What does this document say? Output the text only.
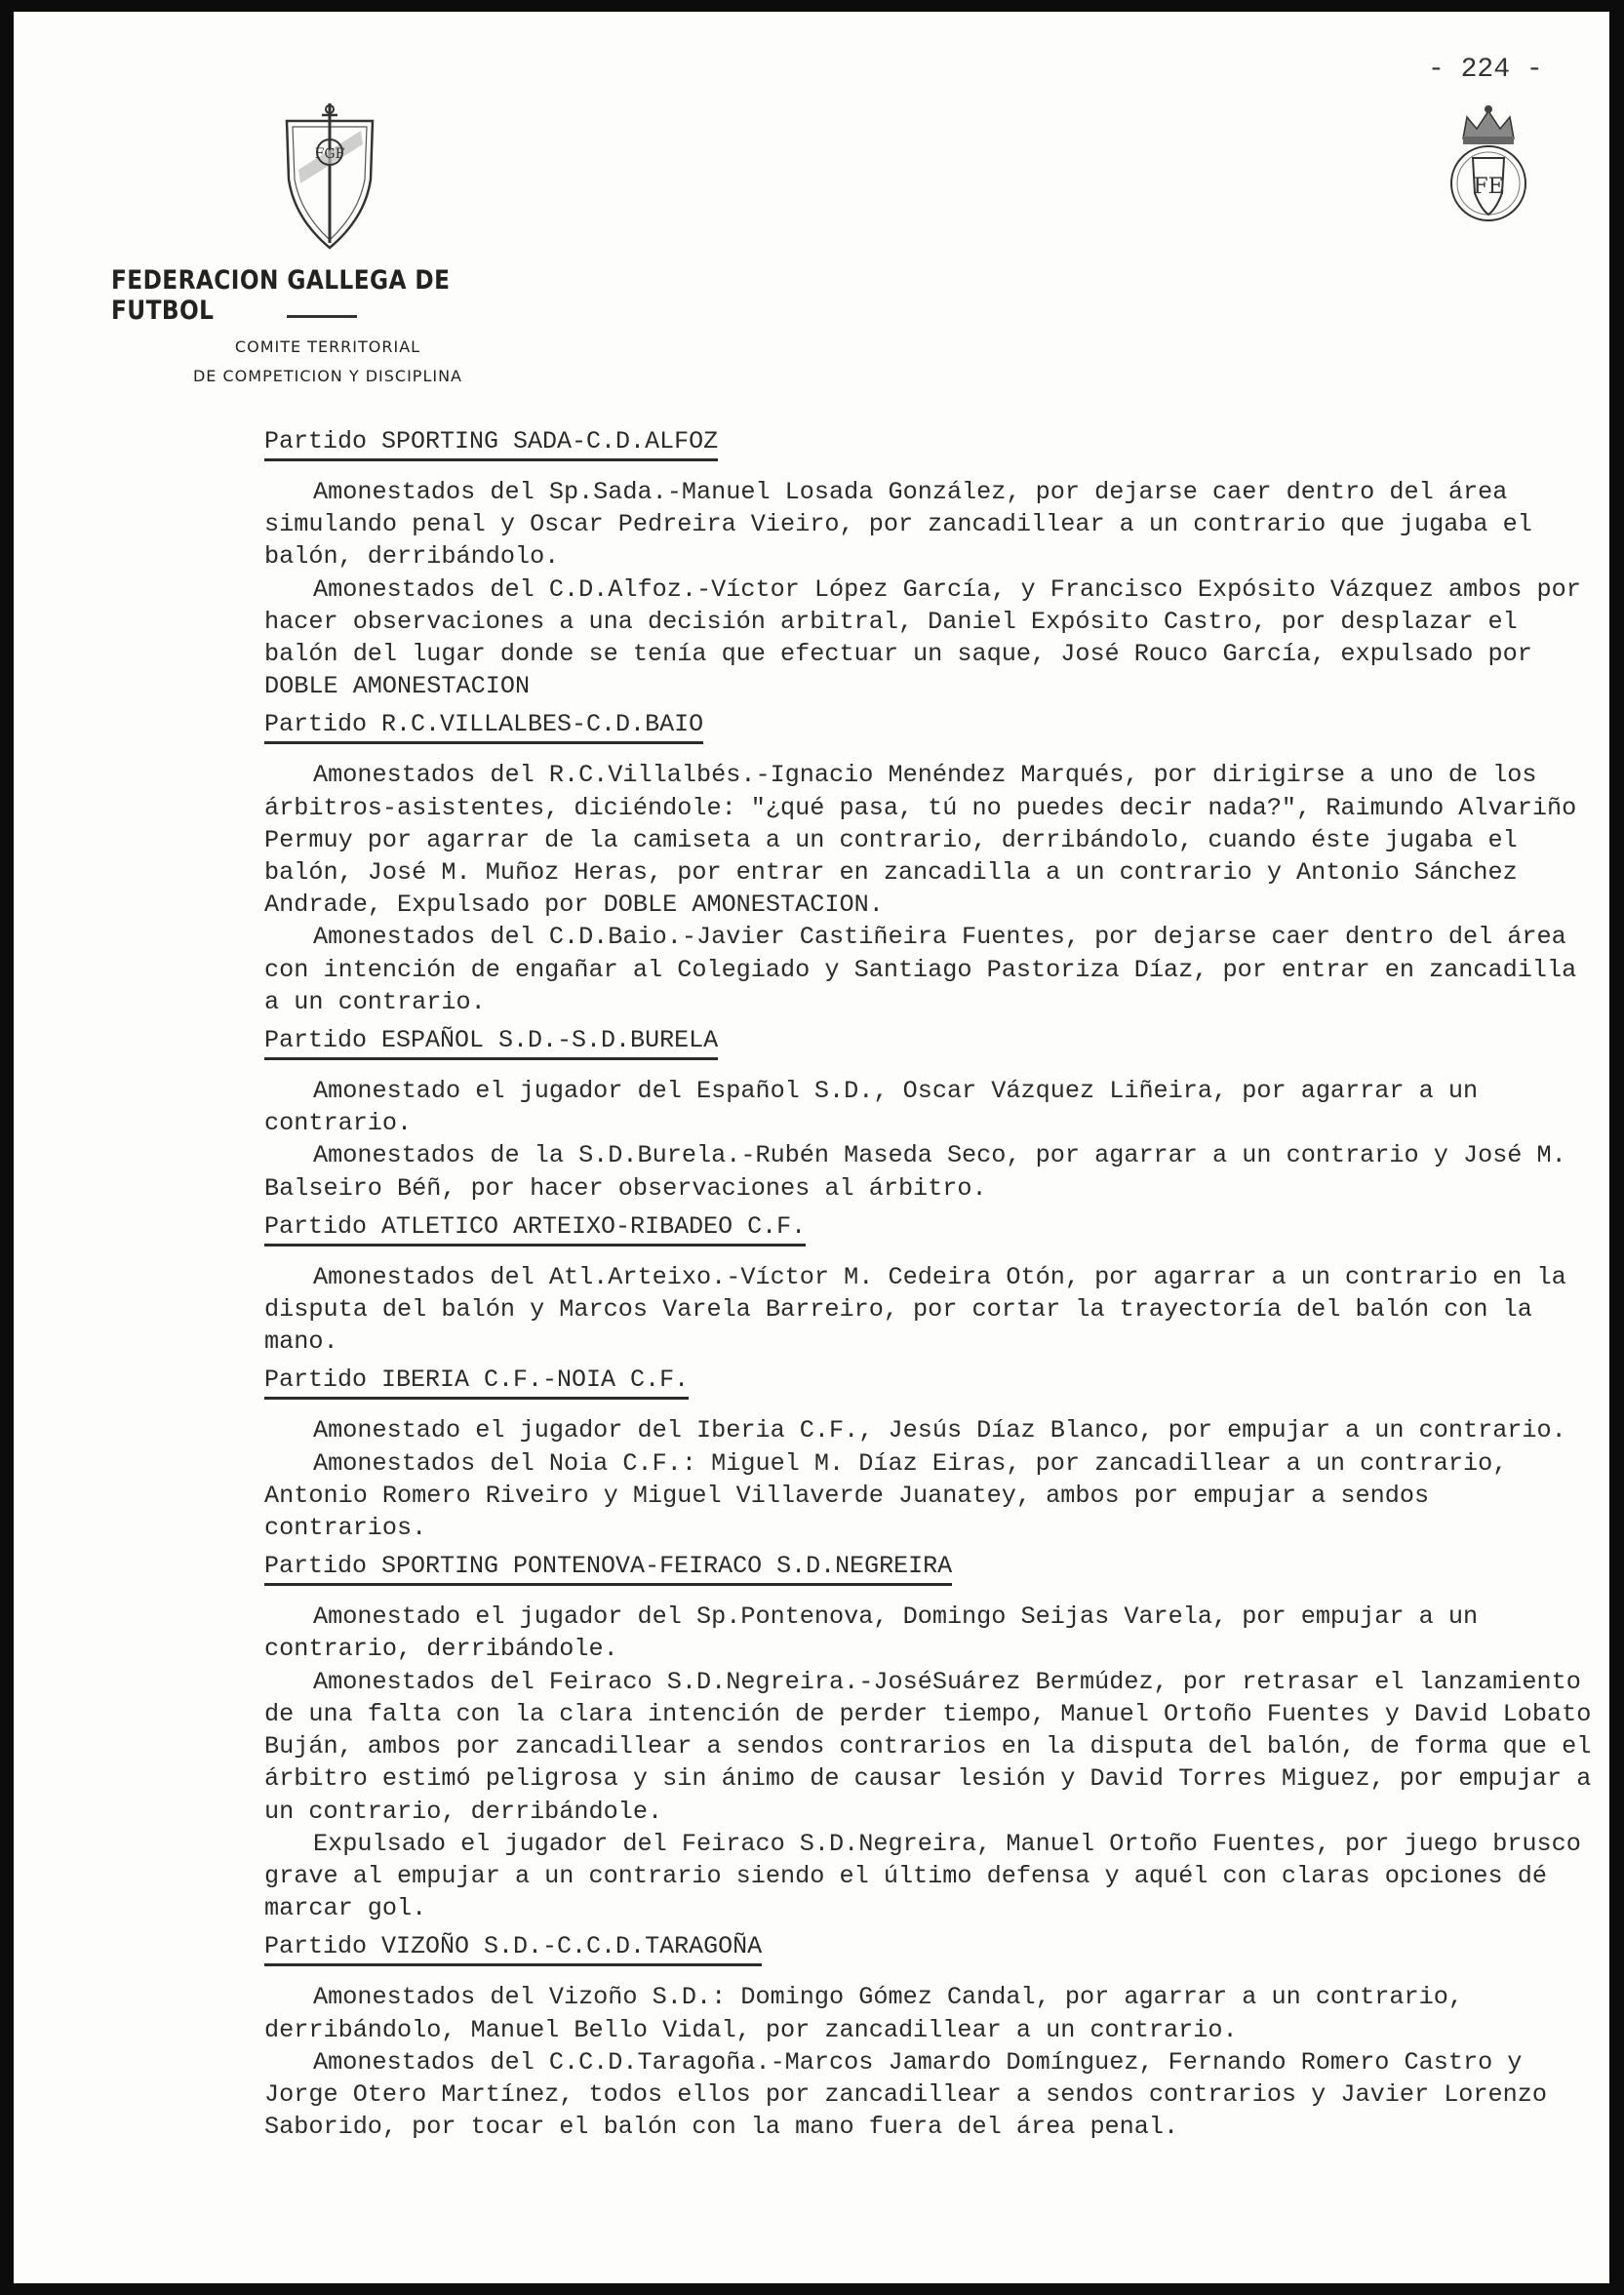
- 224 -
FGF
FE
FEDERACION GALLEGA DE FUTBOL
COMITE TERRITORIAL
DE COMPETICION Y DISCIPLINA
Partido SPORTING SADA-C.D.ALFOZ

Amonestados del Sp.Sada.-Manuel Losada González, por dejarse caer dentro del área simulando penal y Oscar Pedreira Vieiro, por zancadillear a un contrario que jugaba el balón, derribándolo.

Amonestados del C.D.Alfoz.-Víctor López García, y Francisco Expósito Vázquez ambos por hacer observaciones a una decisión arbitral, Daniel Expósito Castro, por desplazar el balón del lugar donde se tenía que efectuar un saque, José Rouco García, expulsado por DOBLE AMONESTACION

Partido R.C.VILLALBES-C.D.BAIO

Amonestados del R.C.Villalbés.-Ignacio Menéndez Marqués, por dirigirse a uno de los árbitros-asistentes, diciéndole: "¿qué pasa, tú no puedes decir nada?", Raimundo Alvariño Permuy por agarrar de la camiseta a un contrario, derribándolo, cuando éste jugaba el balón, José M. Muñoz Heras, por entrar en zancadilla a un contrario y Antonio Sánchez Andrade, Expulsado por DOBLE AMONESTACION.

Amonestados del C.D.Baio.-Javier Castiñeira Fuentes, por dejarse caer dentro del área con intención de engañar al Colegiado y Santiago Pastoriza Díaz, por entrar en zancadilla a un contrario.

Partido ESPAÑOL S.D.-S.D.BURELA

Amonestado el jugador del Español S.D., Oscar Vázquez Liñeira, por agarrar a un contrario.

Amonestados de la S.D.Burela.-Rubén Maseda Seco, por agarrar a un contrario y José M. Balseiro Béñ, por hacer observaciones al árbitro.

Partido ATLETICO ARTEIXO-RIBADEO C.F.

Amonestados del Atl.Arteixo.-Víctor M. Cedeira Otón, por agarrar a un contrario en la disputa del balón y Marcos Varela Barreiro, por cortar la trayectoría del balón con la mano.

Partido IBERIA C.F.-NOIA C.F.

Amonestado el jugador del Iberia C.F., Jesús Díaz Blanco, por empujar a un contrario.

Amonestados del Noia C.F.: Miguel M. Díaz Eiras, por zancadillear a un contrario, Antonio Romero Riveiro y Miguel Villaverde Juanatey, ambos por empujar a sendos contrarios.

Partido SPORTING PONTENOVA-FEIRACO S.D.NEGREIRA

Amonestado el jugador del Sp.Pontenova, Domingo Seijas Varela, por empujar a un contrario, derribándole.

Amonestados del Feiraco S.D.Negreira.-JoséSuárez Bermúdez, por retrasar el lanzamiento de una falta con la clara intención de perder tiempo, Manuel Ortoño Fuentes y David Lobato Buján, ambos por zancadillear a sendos contrarios en la disputa del balón, de forma que el árbitro estimó peligrosa y sin ánimo de causar lesión y David Torres Miguez, por empujar a un contrario, derribándole.

Expulsado el jugador del Feiraco S.D.Negreira, Manuel Ortoño Fuentes, por juego brusco grave al empujar a un contrario siendo el último defensa y aquél con claras opciones dé marcar gol.

Partido VIZOÑO S.D.-C.C.D.TARAGOÑA

Amonestados del Vizoño S.D.: Domingo Gómez Candal, por agarrar a un contrario, derribándolo, Manuel Bello Vidal, por zancadillear a un contrario.

Amonestados del C.C.D.Taragoña.-Marcos Jamardo Domínguez, Fernando Romero Castro y Jorge Otero Martínez, todos ellos por zancadillear a sendos contrarios y Javier Lorenzo Saborido, por tocar el balón con la mano fuera del área penal.
